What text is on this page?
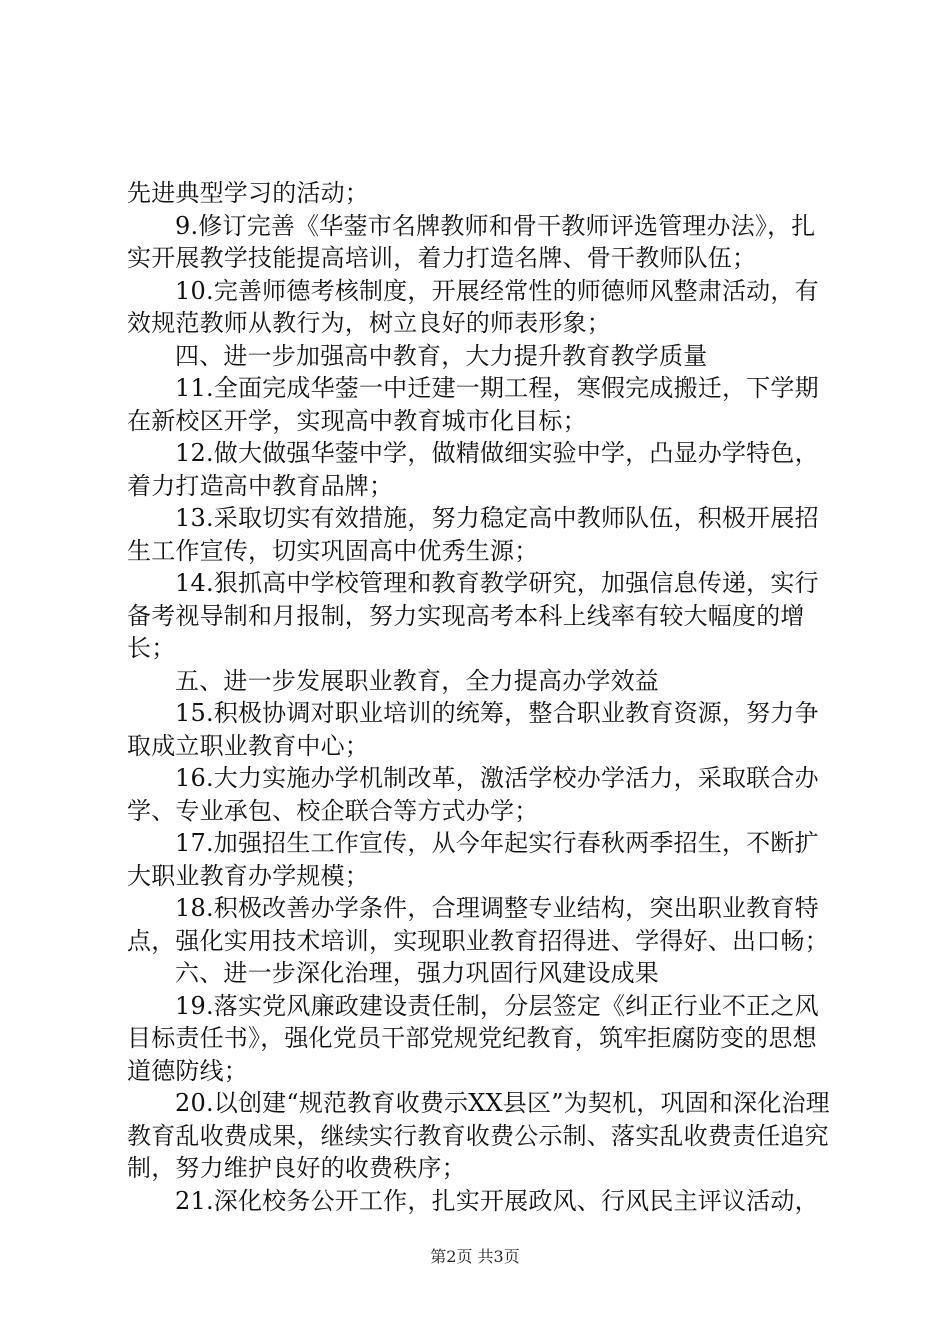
先进典型学习的活动；

9.修订完善《华蓥市名牌教师和骨干教师评选管理办法》，扎实开展教学技能提高培训，着力打造名牌、骨干教师队伍；

10.完善师德考核制度，开展经常性的师德师风整肃活动，有效规范教师从教行为，树立良好的师表形象；

四、进一步加强高中教育，大力提升教育教学质量

11.全面完成华蓥一中迁建一期工程，寒假完成搬迁，下学期在新校区开学，实现高中教育城市化目标；

12.做大做强华蓥中学，做精做细实验中学，凸显办学特色，着力打造高中教育品牌；

13.采取切实有效措施，努力稳定高中教师队伍，积极开展招生工作宣传，切实巩固高中优秀生源；

14.狠抓高中学校管理和教育教学研究，加强信息传递，实行备考视导制和月报制，努力实现高考本科上线率有较大幅度的增长；

五、进一步发展职业教育，全力提高办学效益

15.积极协调对职业培训的统筹，整合职业教育资源，努力争取成立职业教育中心；

16.大力实施办学机制改革，激活学校办学活力，采取联合办学、专业承包、校企联合等方式办学；

17.加强招生工作宣传，从今年起实行春秋两季招生，不断扩大职业教育办学规模；

18.积极改善办学条件，合理调整专业结构，突出职业教育特点，强化实用技术培训，实现职业教育招得进、学得好、出口畅；

六、进一步深化治理，强力巩固行风建设成果

19.落实党风廉政建设责任制，分层签定《纠正行业不正之风目标责任书》，强化党员干部党规党纪教育，筑牢拒腐防变的思想道德防线；

20.以创建“规范教育收费示XX县区”为契机，巩固和深化治理教育乱收费成果，继续实行教育收费公示制、落实乱收费责任追究制，努力维护良好的收费秩序；

21.深化校务公开工作，扎实开展政风、行风民主评议活动，

第2页 共3页
